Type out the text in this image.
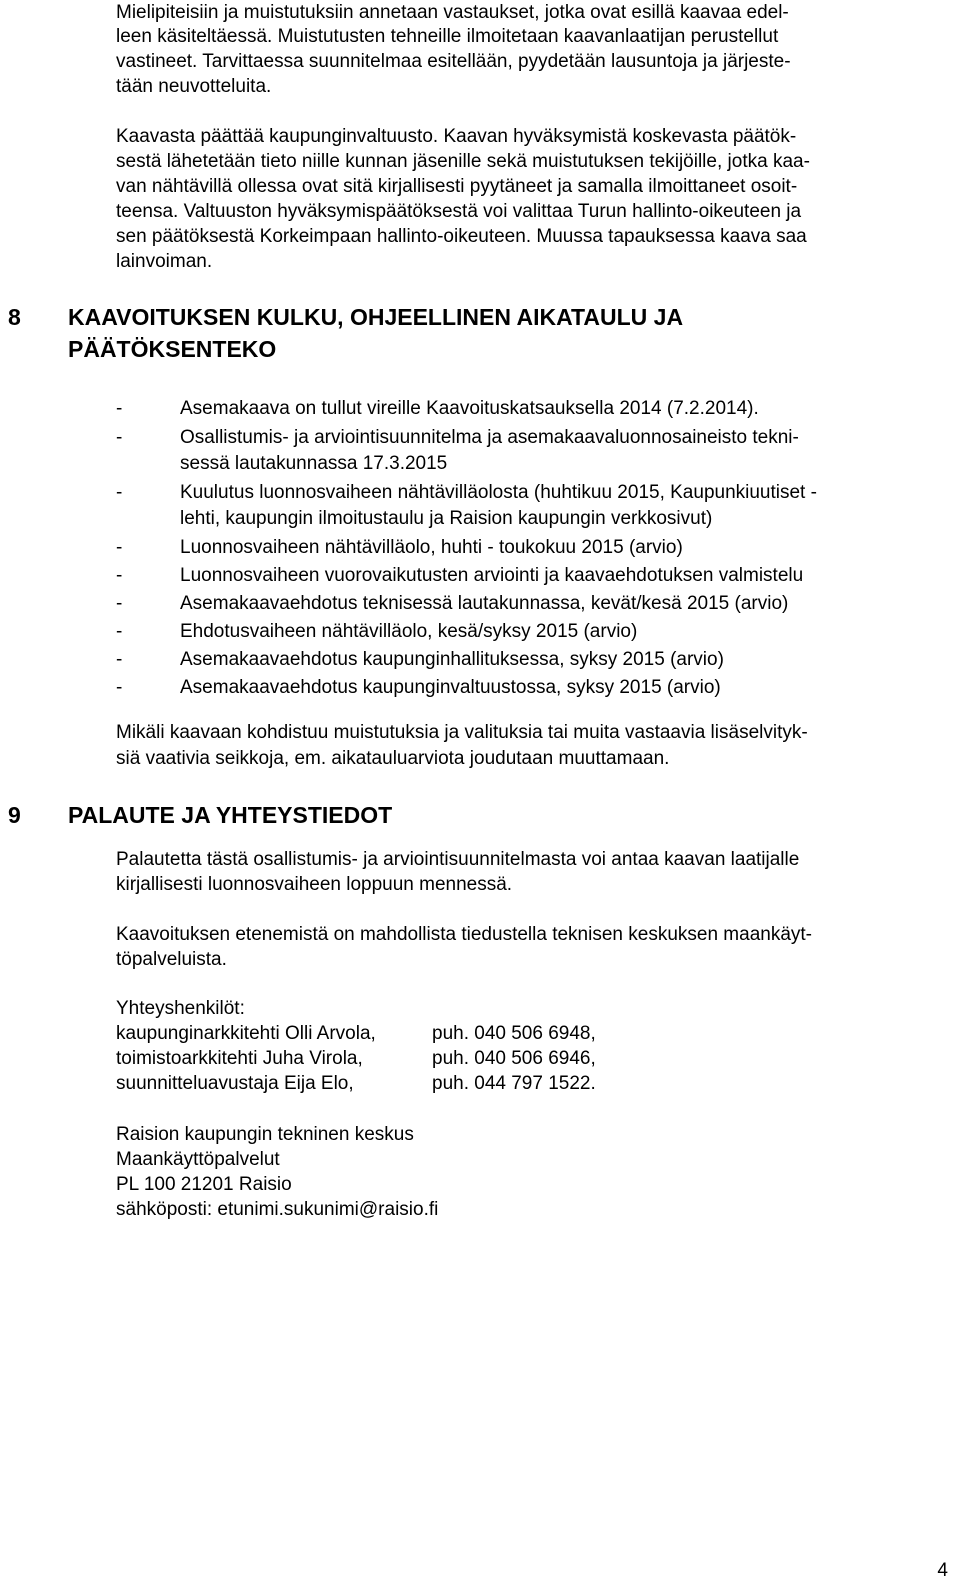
Mielipiteisiin ja muistutuksiin annetaan vastaukset, jotka ovat esillä kaavaa edel-
leen käsiteltäessä. Muistutusten tehneille ilmoitetaan kaavanlaatijan perustellut
vastineet. Tarvittaessa suunnitelmaa esitellään, pyydetään lausuntoja ja järjeste-
tään neuvotteluita.
Kaavasta päättää kaupunginvaltuusto. Kaavan hyväksymistä koskevasta päätök-
sestä lähetetään tieto niille kunnan jäsenille sekä muistutuksen tekijöille, jotka kaa-
van nähtävillä ollessa ovat sitä kirjallisesti pyytäneet ja samalla ilmoittaneet osoit-
teensa. Valtuuston hyväksymispäätöksestä voi valittaa Turun hallinto-oikeuteen ja
sen päätöksestä Korkeimpaan hallinto-oikeuteen. Muussa tapauksessa kaava saa
lainvoiman.
8 KAAVOITUKSEN KULKU, OHJEELLINEN AIKATAULU JA
PÄÄTÖKSENTEKO
-	Asemakaava on tullut vireille Kaavoituskatsauksella 2014 (7.2.2014).
-	Osallistumis- ja arviointisuunnitelma ja asemakaavaluonnosaineisto tekni-
sessä lautakunnassa 17.3.2015
-	Kuulutus luonnosvaiheen nähtävilläolosta (huhtikuu 2015, Kaupunkiuutiset -
lehti, kaupungin ilmoitustaulu ja Raision kaupungin verkkosivut)
-	Luonnosvaiheen nähtävilläolo, huhti - toukokuu 2015 (arvio)
-	Luonnosvaiheen vuorovaikutusten arviointi ja kaavaehdotuksen valmistelu
-	Asemakaavaehdotus teknisessä lautakunnassa, kevät/kesä 2015 (arvio)
-	Ehdotusvaiheen nähtävilläolo, kesä/syksy 2015 (arvio)
-	Asemakaavaehdotus kaupunginhallituksessa, syksy 2015 (arvio)
-	Asemakaavaehdotus kaupunginvaltuustossa, syksy 2015 (arvio)
Mikäli kaavaan kohdistuu muistutuksia ja valituksia tai muita vastaavia lisäselvityk-
siä vaativia seikkoja, em. aikatauluarviota joudutaan muuttamaan.
9 PALAUTE JA YHTEYSTIEDOT
Palautetta tästä osallistumis- ja arviointisuunnitelmasta voi antaa kaavan laatijalle
kirjallisesti luonnosvaiheen loppuun mennessä.
Kaavoituksen etenemistä on mahdollista tiedustella teknisen keskuksen maankäyt-
töpalveluista.
Yhteyshenkilöt:
kaupunginarkkitehti Olli Arvola,	puh. 040 506 6948,
toimistoarkkitehti Juha Virola,	puh. 040 506 6946,
suunnitteluavustaja Eija Elo,	puh. 044 797 1522.
Raision kaupungin tekninen keskus
Maankäyttöpalvelut
PL 100 21201 Raisio
sähköposti: etunimi.sukunimi@raisio.fi
4
